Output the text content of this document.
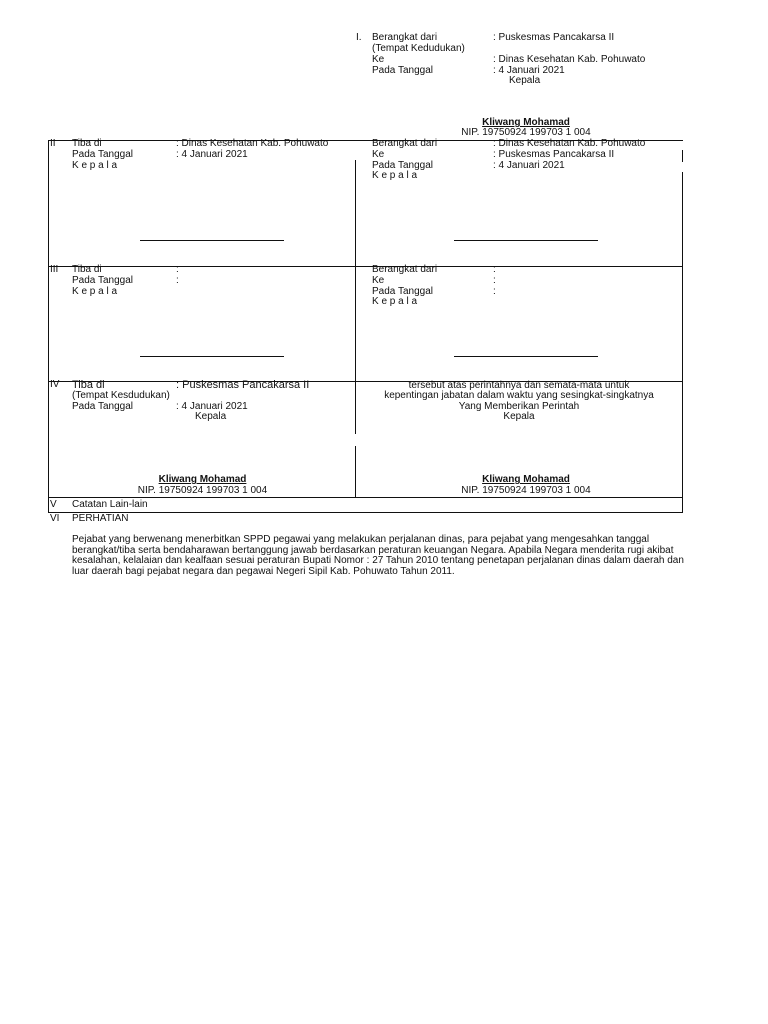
I. Berangkat dari	: Puskesmas Pancakarsa II
(Tempat Kedudukan)
Ke	: Dinas Kesehatan Kab. Pohuwato
Pada Tanggal	: 4 Januari 2021
Kepala
Kliwang Mohamad
NIP. 19750924 199703 1 004
II Tiba di	: Dinas Kesehatan Kab. Pohuwato
Pada Tanggal	: 4 Januari 2021
K e p a l a
Berangkat dari	: Dinas Kesehatan Kab. Pohuwato
Ke	: Puskesmas Pancakarsa II
Pada Tanggal	: 4 Januari 2021
K e p a l a
III Tiba di	:
Pada Tanggal	:
K e p a l a
Berangkat dari	:
Ke	:
Pada Tanggal	:
K e p a l a
IV Tiba di	: Puskesmas Pancakarsa II
(Tempat Kesdudukan)
Pada Tanggal	: 4 Januari 2021
Kepala
tersebut atas perintahnya dan semata-mata untuk
kepentingan jabatan dalam waktu yang sesingkat-singkatnya
Yang Memberikan Perintah
Kepala
Kliwang Mohamad
NIP. 19750924 199703 1 004
Kliwang Mohamad
NIP. 19750924 199703 1 004
V Catatan Lain-lain
VI PERHATIAN
Pejabat yang berwenang menerbitkan SPPD pegawai yang melakukan perjalanan dinas, para pejabat yang mengesahkan tanggal berangkat/tiba serta bendaharawan bertanggung jawab berdasarkan peraturan keuangan Negara. Apabila Negara menderita rugi akibat kesalahan, kelalaian dan kealfaan sesuai peraturan Bupati Nomor : 27 Tahun 2010 tentang penetapan perjalanan dinas dalam daerah dan luar daerah bagi pejabat negara dan pegawai Negeri Sipil Kab. Pohuwato Tahun 2011.
